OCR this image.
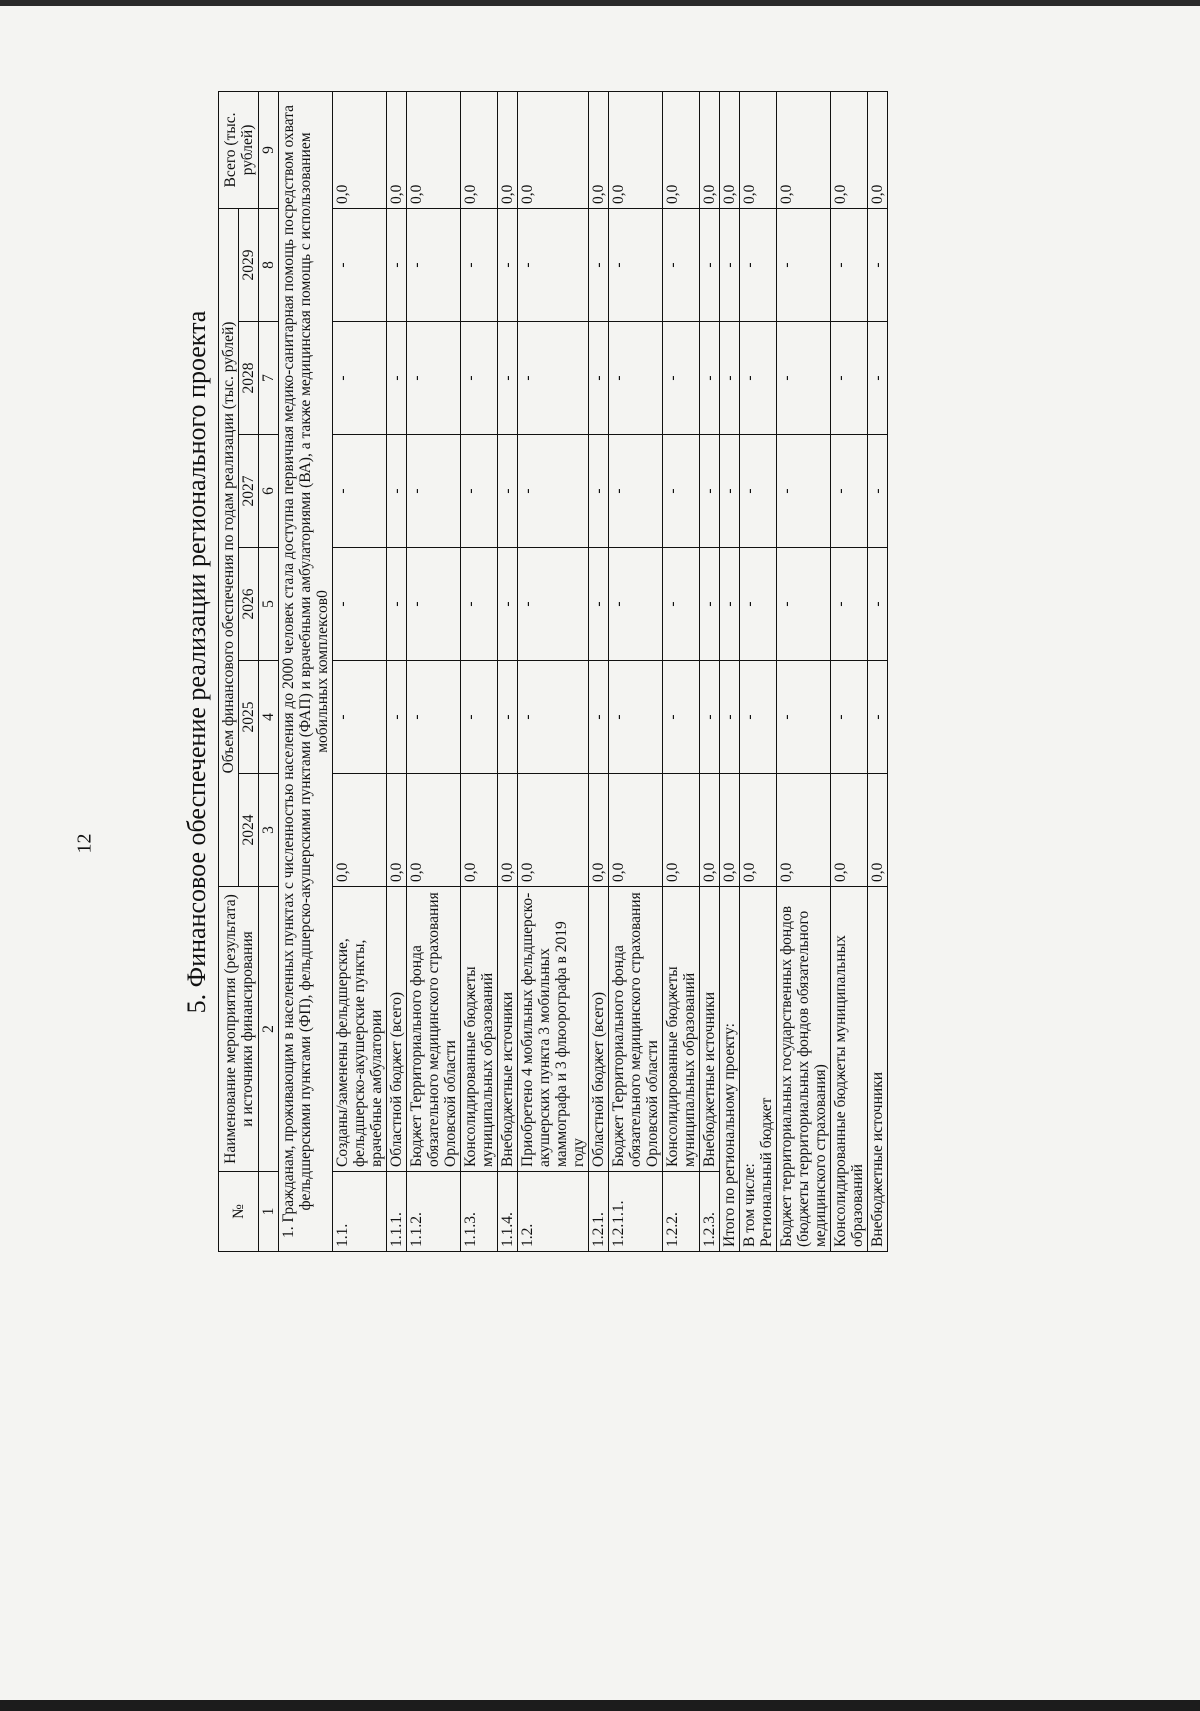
12	5. Финансовое обеспечение реализации регионального проекта
№	Наименование мероприятия (результата)
и источники финансирования	Объем финансового обеспечения по годам реализации (тыс. рублей)						Всего (тыс. рублей)
		2024	2025	2026	2027	2028	2029	
1	2	3	4	5	6	7	8	9
1. Гражданам, проживающим в населенных пунктах с численностью населения до 2000 человек стала доступна первичная медико-санитарная помощь посредством охвата фельдшерскими пунктами (ФП), фельдшерско-акушерскими пунктами (ФАП) и врачебными амбулаториями (ВА), а также медицинская помощь с использованием мобильных комплексов0								
1.1.	Созданы/заменены фельдшерские, фельдшерско-акушерские пункты, врачебные амбулатории	0,0	-	-	-	-	-	0,0
1.1.1.	Областной бюджет (всего)	0,0	-	-	-	-	-	0,0
1.1.2.	Бюджет Территориального фонда обязательного медицинского страхования Орловской области	0,0	-	-	-	-	-	0,0
1.1.3.	Консолидированные бюджеты муниципальных образований	0,0	-	-	-	-	-	0,0
1.1.4.	Внебюджетные источники	0,0	-	-	-	-	-	0,0
1.2.	Приобретено 4 мобильных фельдшерско-акушерских пункта 3 мобильных маммографа и 3 флюорографа в 2019 году	0,0	-	-	-	-	-	0,0
1.2.1.	Областной бюджет (всего)	0,0	-	-	-	-	-	0,0
1.2.1.1.	Бюджет Территориального фонда обязательного медицинского страхования Орловской области	0,0	-	-	-	-	-	0,0
1.2.2.	Консолидированные бюджеты муниципальных образований	0,0	-	-	-	-	-	0,0
1.2.3.	Внебюджетные источники	0,0	-	-	-	-	-	0,0
Итого по региональному проекту:		0,0	-	-	-	-	-	0,0
В том числе:
Региональный бюджет		0,0	-	-	-	-	-	0,0
Бюджет территориальных государственных фондов (бюджеты территориальных фондов обязательного медицинского страхования)		0,0	-	-	-	-	-	0,0
Консолидированные бюджеты муниципальных образований		0,0	-	-	-	-	-	0,0
Внебюджетные источники		0,0	-	-	-	-	-	0,0
